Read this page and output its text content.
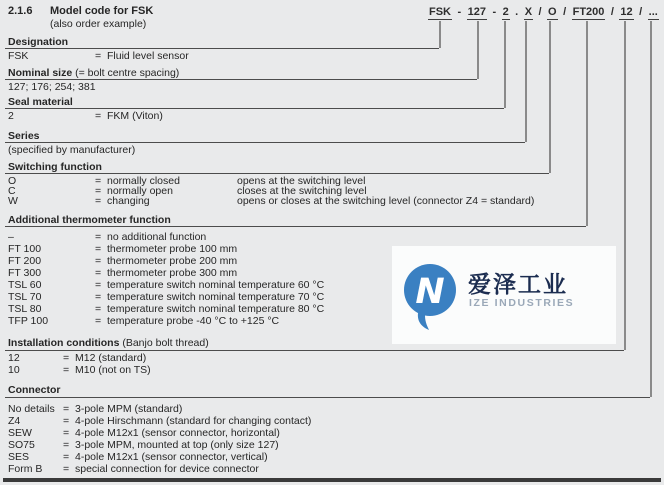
2.1.6 Model code for FSK
(also order example)
FSK - 127 - 2 . X / O / FT200 / 12 / ...
Designation
FSK	= Fluid level sensor
Nominal size (= bolt centre spacing)
127; 176; 254; 381
Seal material
2	= FKM (Viton)
Series
(specified by manufacturer)
Switching function
O	= normally closed	opens at the switching level
C	= normally open	closes at the switching level
W	= changing	opens or closes at the switching level (connector Z4 = standard)
Additional thermometer function
–	= no additional function
FT 100	= thermometer probe 100 mm
FT 200	= thermometer probe 200 mm
FT 300	= thermometer probe 300 mm
TSL 60	= temperature switch nominal temperature 60 °C
TSL 70	= temperature switch nominal temperature 70 °C
TSL 80	= temperature switch nominal temperature 80 °C
TFP 100	= temperature probe -40 °C to +125 °C
Installation conditions (Banjo bolt thread)
12	= M12 (standard)
10	= M10 (not on TS)
Connector
No details = 3-pole MPM (standard)
Z4	= 4-pole Hirschmann (standard for changing contact)
SEW	= 4-pole M12x1 (sensor connector, horizontal)
SO75	= 3-pole MPM, mounted at top (only size 127)
SES	= 4-pole M12x1 (sensor connector, vertical)
Form B = special connection for device connector
N 爱泽工业
IZE INDUSTRIES
